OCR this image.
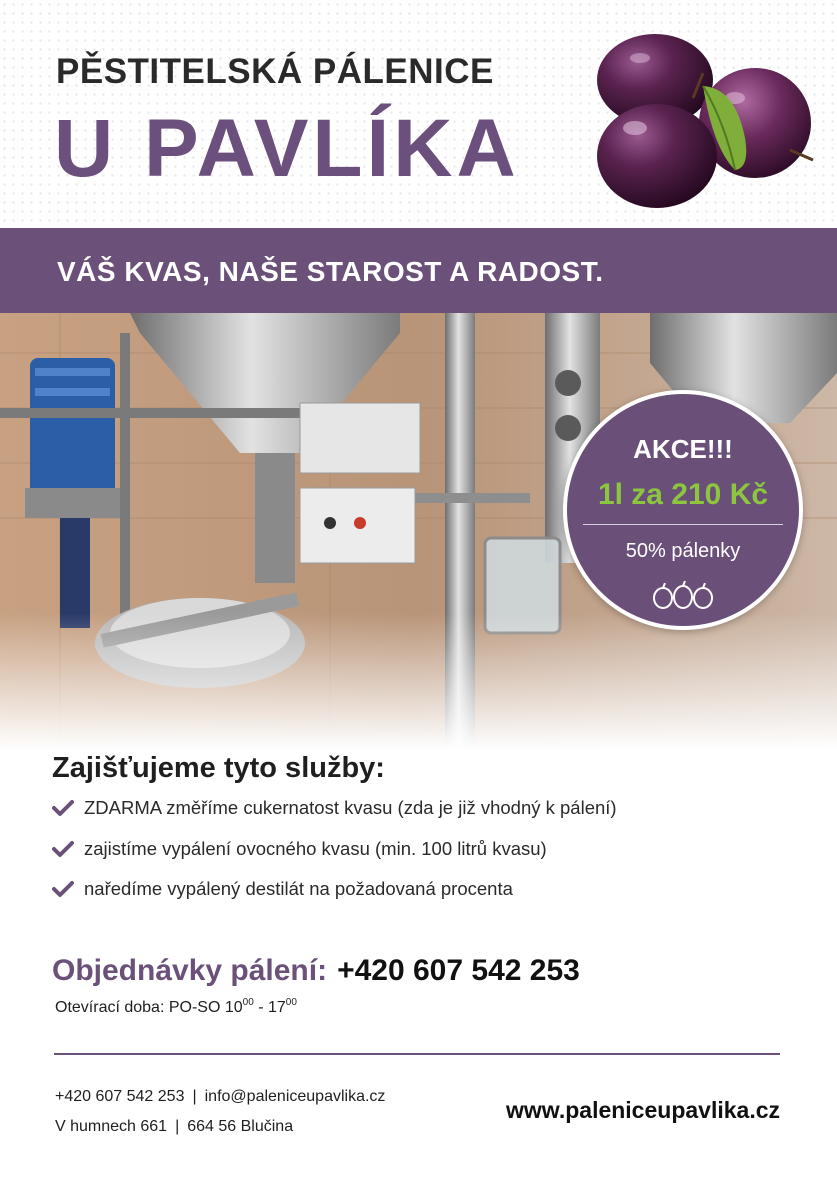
PĚSTITELSKÁ PÁLENICE
U PAVLÍKA
VÁŠ KVAS, NAŠE STAROST A RADOST.
AKCE!!!
1l za 210 Kč
50% pálenky
Zajišťujeme tyto služby:
ZDARMA změříme cukernatost kvasu (zda je již vhodný k pálení)
zajistíme vypálení ovocného kvasu (min. 100 litrů kvasu)
naředíme vypálený destilát na požadovaná procenta
Objednávky pálení: +420 607 542 253
Otevírací doba: PO-SO $10^{00} - 17^{00}$
+420 607 542 253 | info@paleniceupavlika.cz
V humnech 661 | 664 56 Blučina
www.paleniceupavlika.cz
